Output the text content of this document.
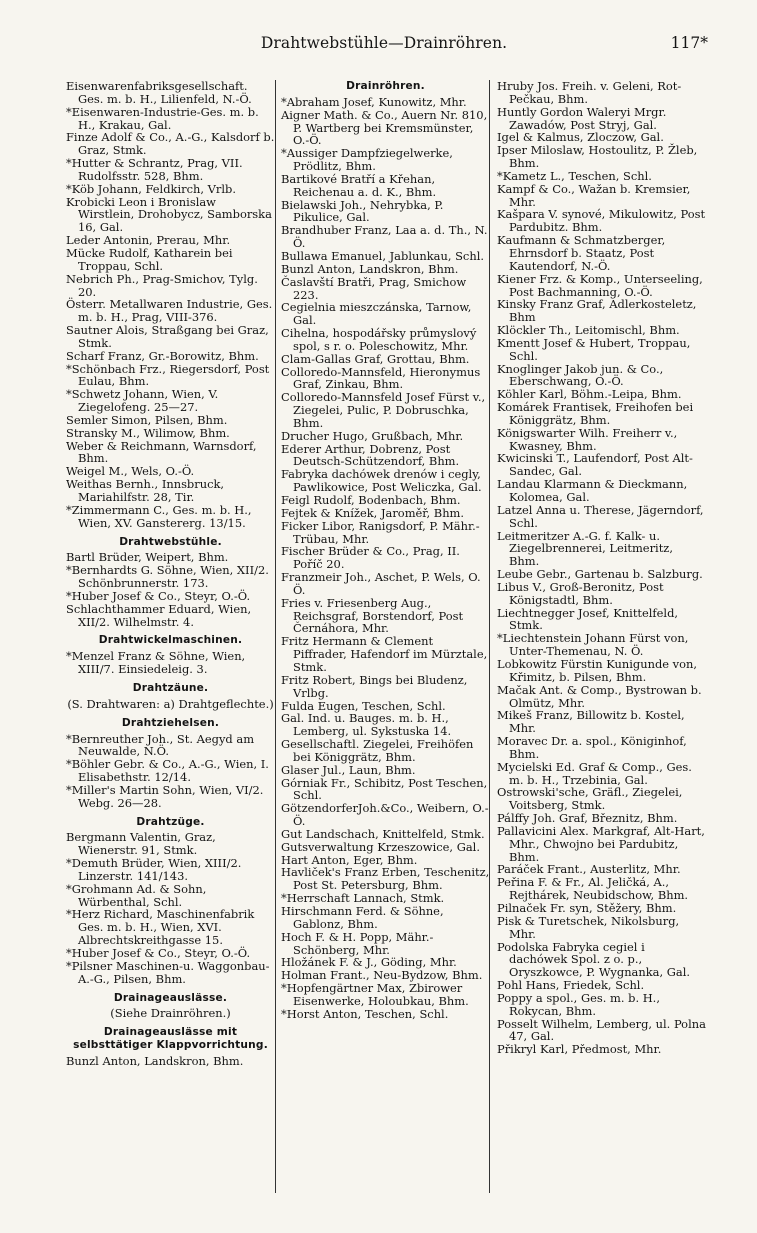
Drahtwebstühle—Drainröhren.	117*
Eisenwarenfabriksgesellschaft. Ges. m. b. H., Lilienfeld, N.-Ö.
*Eisenwaren-Industrie-Ges. m. b. H., Krakau, Gal.
Finze Adolf & Co., A.-G., Kalsdorf b. Graz, Stmk.
*Hutter & Schrantz, Prag, VII. Rudolfsstr. 528, Bhm.
*Köb Johann, Feldkirch, Vrlb.
Krobicki Leon i Bronislaw Wirstlein, Drohobycz, Samborska 16, Gal.
Leder Antonin, Prerau, Mhr.
Mücke Rudolf, Katharein bei Troppau, Schl.
Nebrich Ph., Prag-Smichov, Tylg. 20.
Österr. Metallwaren Industrie, Ges. m. b. H., Prag, VIII-376.
Sautner Alois, Straßgang bei Graz, Stmk.
Scharf Franz, Gr.-Borowitz, Bhm.
*Schönbach Frz., Riegersdorf, Post Eulau, Bhm.
*Schwetz Johann, Wien, V. Ziegelofeng. 25—27.
Semler Simon, Pilsen, Bhm.
Stransky M., Wilimow, Bhm.
Weber & Reichmann, Warnsdorf, Bhm.
Weigel M., Wels, O.-Ö.
Weithas Bernh., Innsbruck, Mariahilfstr. 28, Tir.
*Zimmermann C., Ges. m. b. H., Wien, XV. Ganstererg. 13/15.
Drahtwebstühle.
Bartl Brüder, Weipert, Bhm.
*Bernhardts G. Söhne, Wien, XII/2. Schönbrunnerstr. 173.
*Huber Josef & Co., Steyr, O.-Ö.
Schlachthammer Eduard, Wien, XII/2. Wilhelmstr. 4.
Drahtwickelmaschinen.
*Menzel Franz & Söhne, Wien, XIII/7. Einsiedeleig. 3.
Drahtzäune.
(S. Drahtwaren: a) Drahtgeflechte.)
Drahtziehelsen.
*Bernreuther Joh., St. Aegyd am Neuwalde, N.Ö.
*Böhler Gebr. & Co., A.-G., Wien, I. Elisabethstr. 12/14.
*Miller's Martin Sohn, Wien, VI/2. Webg. 26—28.
Drahtzüge.
Bergmann Valentin, Graz, Wienerstr. 91, Stmk.
*Demuth Brüder, Wien, XIII/2. Linzerstr. 141/143.
*Grohmann Ad. & Sohn, Würbenthal, Schl.
*Herz Richard, Maschinenfabrik Ges. m. b. H., Wien, XVI. Albrechtskreithgasse 15.
*Huber Josef & Co., Steyr, O.-Ö.
*Pilsner Maschinen-u. Waggonbau-A.-G., Pilsen, Bhm.
Drainageauslässe.
(Siehe Drainröhren.)
Drainageauslässe mit selbsttätiger Klappvorrichtung.
Bunzl Anton, Landskron, Bhm.
Drainröhren.
*Abraham Josef, Kunowitz, Mhr.
Aigner Math. & Co., Auern Nr. 810, P. Wartberg bei Kremsmünster, O.-Ö.
*Aussiger Dampfziegelwerke, Prödlitz, Bhm.
Bartikové Bratří a Křehan, Reichenau a. d. K., Bhm.
Bielawski Joh., Nehrybka, P. Pikulice, Gal.
Brandhuber Franz, Laa a. d. Th., N. Ö.
Bullawa Emanuel, Jablunkau, Schl.
Bunzl Anton, Landskron, Bhm.
Časlavští Bratři, Prag, Smichow 223.
Cegielnia mieszczánska, Tarnow, Gal.
Cihelna, hospodářsky průmyslový spol, s r. o. Poleschowitz, Mhr.
Clam-Gallas Graf, Grottau, Bhm.
Colloredo-Mannsfeld, Hieronymus Graf, Zinkau, Bhm.
Colloredo-Mannsfeld Josef Fürst v., Ziegelei, Pulic, P. Dobruschka, Bhm.
Drucher Hugo, Grußbach, Mhr.
Ederer Arthur, Dobrenz, Post Deutsch-Schützendorf, Bhm.
Fabryka dachówek drenów i cegly, Pawlikowice, Post Weliczka, Gal.
Feigl Rudolf, Bodenbach, Bhm.
Fejtek & Knížek, Jaroměř, Bhm.
Ficker Libor, Ranigsdorf, P. Mähr.-Trübau, Mhr.
Fischer Brüder & Co., Prag, II. Poříč 20.
Franzmeir Joh., Aschet, P. Wels, O. Ö.
Fries v. Friesenberg Aug., Reichsgraf, Borstendorf, Post Černáhora, Mhr.
Fritz Hermann & Clement Piffrader, Hafendorf im Mürztale, Stmk.
Fritz Robert, Bings bei Bludenz, Vrlbg.
Fulda Eugen, Teschen, Schl.
Gal. Ind. u. Bauges. m. b. H., Lemberg, ul. Sykstuska 14.
Gesellschaftl. Ziegelei, Freihöfen bei Königgrätz, Bhm.
Glaser Jul., Laun, Bhm.
Górniak Fr., Schibitz, Post Teschen, Schl.
GötzendorferJoh.&Co., Weibern, O.-Ö.
Gut Landschach, Knittelfeld, Stmk.
Gutsverwaltung Krzeszowice, Gal.
Hart Anton, Eger, Bhm.
Havliček's Franz Erben, Teschenitz, Post St. Petersburg, Bhm.
*Herrschaft Lannach, Stmk.
Hirschmann Ferd. & Söhne, Gablonz, Bhm.
Hoch F. & H. Popp, Mähr.-Schönberg, Mhr.
Hložánek F. & J., Göding, Mhr.
Holman Frant., Neu-Bydzow, Bhm.
*Hopfengärtner Max, Zbirower Eisenwerke, Holoubkau, Bhm.
*Horst Anton, Teschen, Schl.
Hruby Jos. Freih. v. Geleni, Rot-Pečkau, Bhm.
Huntly Gordon Waleryi Mrgr. Zawadów, Post Stryj, Gal.
Igel & Kalmus, Zloczow, Gal.
Ipser Miloslaw, Hostoulitz, P. Žleb, Bhm.
*Kametz L., Teschen, Schl.
Kampf & Co., Wažan b. Kremsier, Mhr.
Kašpara V. synové, Mikulowitz, Post Pardubitz. Bhm.
Kaufmann & Schmatzberger, Ehrnsdorf b. Staatz, Post Kautendorf, N.-Ö.
Kiener Frz. & Komp., Unterseeling, Post Bachmanning, O.-Ö.
Kinsky Franz Graf, Adlerkosteletz, Bhm
Klöckler Th., Leitomischl, Bhm.
Kmentt Josef & Hubert, Troppau, Schl.
Knoglinger Jakob jun. & Co., Eberschwang, O.-Ö.
Köhler Karl, Böhm.-Leipa, Bhm.
Komárek Frantisek, Freihofen bei Königgrätz, Bhm.
Königswarter Wilh. Freiherr v., Kwasney, Bhm.
Kwicinski T., Laufendorf, Post Alt-Sandec, Gal.
Landau Klarmann & Dieckmann, Kolomea, Gal.
Latzel Anna u. Therese, Jägerndorf, Schl.
Leitmeritzer A.-G. f. Kalk- u. Ziegelbrennerei, Leitmeritz, Bhm.
Leube Gebr., Gartenau b. Salzburg.
Libus V., Groß-Beronitz, Post Königstadtl, Bhm.
Liechtnegger Josef, Knittelfeld, Stmk.
*Liechtenstein Johann Fürst von, Unter-Themenau, N. Ö.
Lobkowitz Fürstin Kunigunde von, Křimitz, b. Pilsen, Bhm.
Mačak Ant. & Comp., Bystrowan b. Olmütz, Mhr.
Mikeš Franz, Billowitz b. Kostel, Mhr.
Moravec Dr. a. spol., Königinhof, Bhm.
Mycielski Ed. Graf & Comp., Ges. m. b. H., Trzebinia, Gal.
Ostrowski'sche, Gräfl., Ziegelei, Voitsberg, Stmk.
Pálffy Joh. Graf, Březnitz, Bhm.
Pallavicini Alex. Markgraf, Alt-Hart, Mhr., Chwojno bei Pardubitz, Bhm.
Paráček Frant., Austerlitz, Mhr.
Peřina F. & Fr., Al. Jeličká, A., Rejthárek, Neubidschow, Bhm.
Pilnaček Fr. syn, Stěžery, Bhm.
Pisk & Turetschek, Nikolsburg, Mhr.
Podolska Fabryka cegiel i dachówek Spol. z o. p., Oryszkowce, P. Wygnanka, Gal.
Pohl Hans, Friedek, Schl.
Poppy a spol., Ges. m. b. H., Rokycan, Bhm.
Posselt Wilhelm, Lemberg, ul. Polna 47, Gal.
Přikryl Karl, Předmost, Mhr.
